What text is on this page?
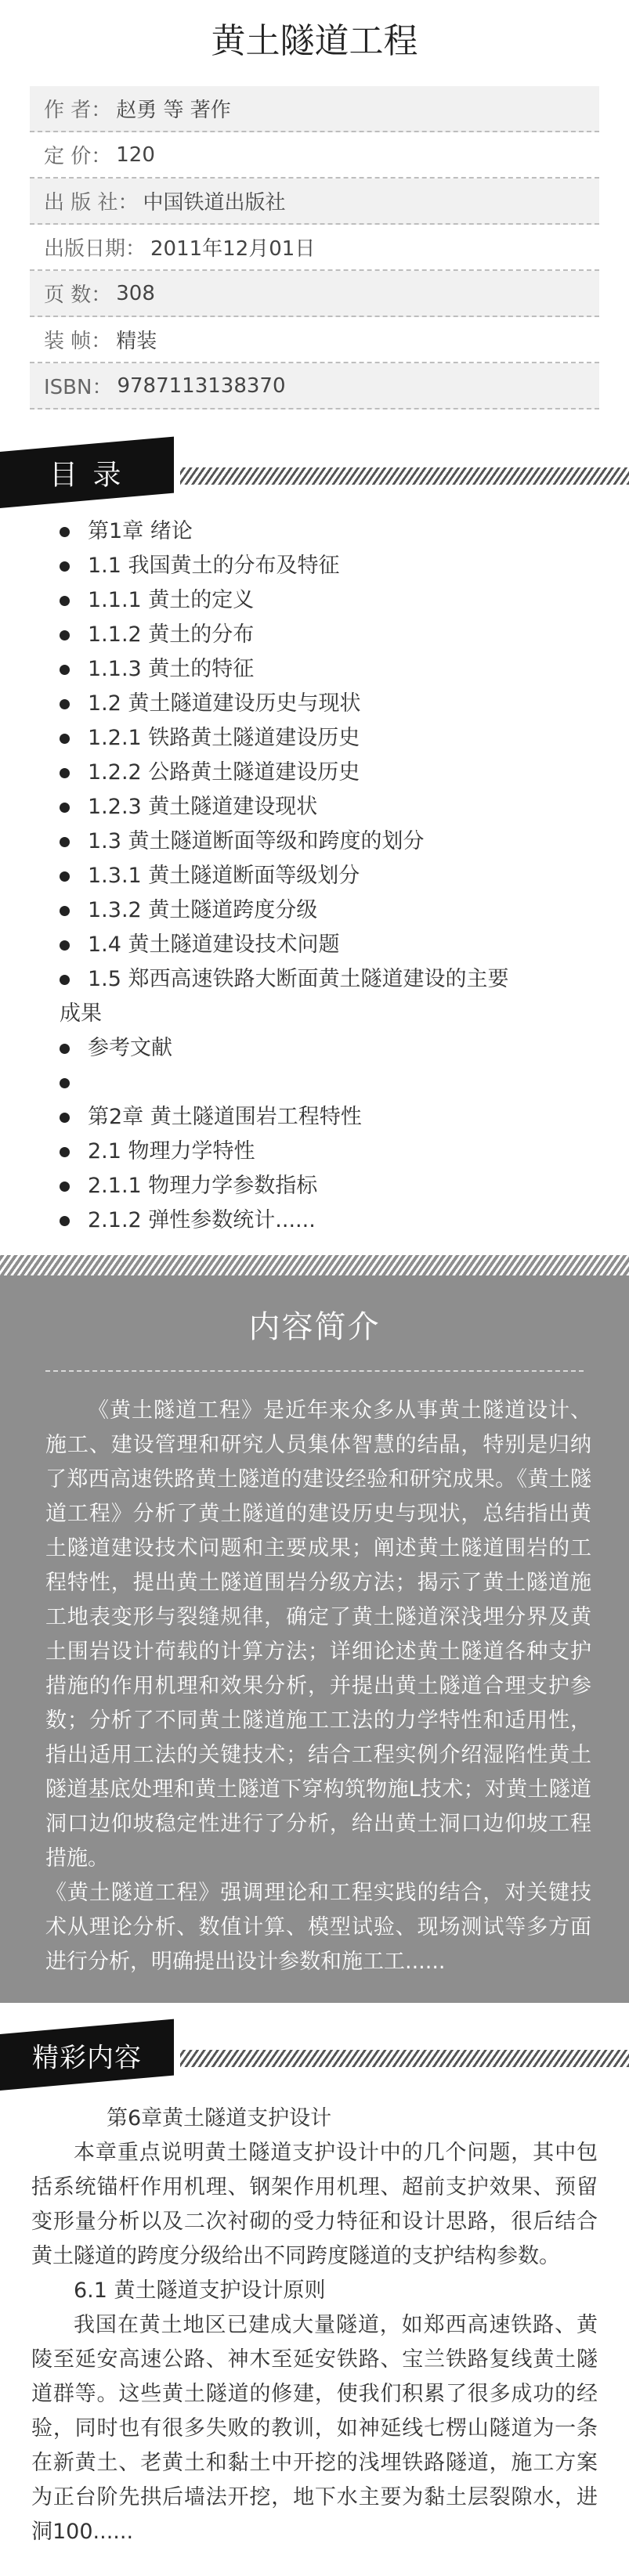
黄土隧道工程
作 者： 赵勇 等 著作
定 价： 120
出 版 社： 中国铁道出版社
出版日期： 2011年12月01日
页 数： 308
装 帧： 精装
ISBN： 9787113138370
目 录
第1章 绪论
1.1 我国黄土的分布及特征
1.1.1 黄土的定义
1.1.2 黄土的分布
1.1.3 黄土的特征
1.2 黄土隧道建设历史与现状
1.2.1 铁路黄土隧道建设历史
1.2.2 公路黄土隧道建设历史
1.2.3 黄土隧道建设现状
1.3 黄土隧道断面等级和跨度的划分
1.3.1 黄土隧道断面等级划分
1.3.2 黄土隧道跨度分级
1.4 黄土隧道建设技术问题
1.5 郑西高速铁路大断面黄土隧道建设的主要
成果
参考文献

第2章 黄土隧道围岩工程特性
2.1 物理力学特性
2.1.1 物理力学参数指标
2.1.2 弹性参数统计......
内容简介

《黄土隧道工程》是近年来众多从事黄土隧道设计、施工、建设管理和研究人员集体智慧的结晶，特别是归纳了郑西高速铁路黄土隧道的建设经验和研究成果。《黄土隧道工程》分析了黄土隧道的建设历史与现状，总结指出黄土隧道建设技术问题和主要成果；阐述黄土隧道围岩的工程特性，提出黄土隧道围岩分级方法；揭示了黄土隧道施工地表变形与裂缝规律，确定了黄土隧道深浅埋分界及黄土围岩设计荷载的计算方法；详细论述黄土隧道各种支护措施的作用机理和效果分析，并提出黄土隧道合理支护参数；分析了不同黄土隧道施工工法的力学特性和适用性，指出适用工法的关键技术；结合工程实例介绍湿陷性黄土隧道基底处理和黄土隧道下穿构筑物施L技术；对黄土隧道洞口边仰坡稳定性进行了分析，给出黄土洞口边仰坡工程措施。

《黄土隧道工程》强调理论和工程实践的结合，对关键技术从理论分析、数值计算、模型试验、现场测试等多方面进行分析，明确提出设计参数和施工工......

精彩内容

第6章黄土隧道支护设计

本章重点说明黄土隧道支护设计中的几个问题，其中包括系统锚杆作用机理、钢架作用机理、超前支护效果、预留变形量分析以及二次衬砌的受力特征和设计思路，很后结合黄土隧道的跨度分级给出不同跨度隧道的支护结构参数。

6.1 黄土隧道支护设计原则

我国在黄土地区已建成大量隧道，如郑西高速铁路、黄陵至延安高速公路、神木至延安铁路、宝兰铁路复线黄土隧道群等。这些黄土隧道的修建，使我们积累了很多成功的经验，同时也有很多失败的教训，如神延线七楞山隧道为一条在新黄土、老黄土和黏土中开挖的浅埋铁路隧道，施工方案为正台阶先拱后墙法开挖，地下水主要为黏土层裂隙水，进洞100......
